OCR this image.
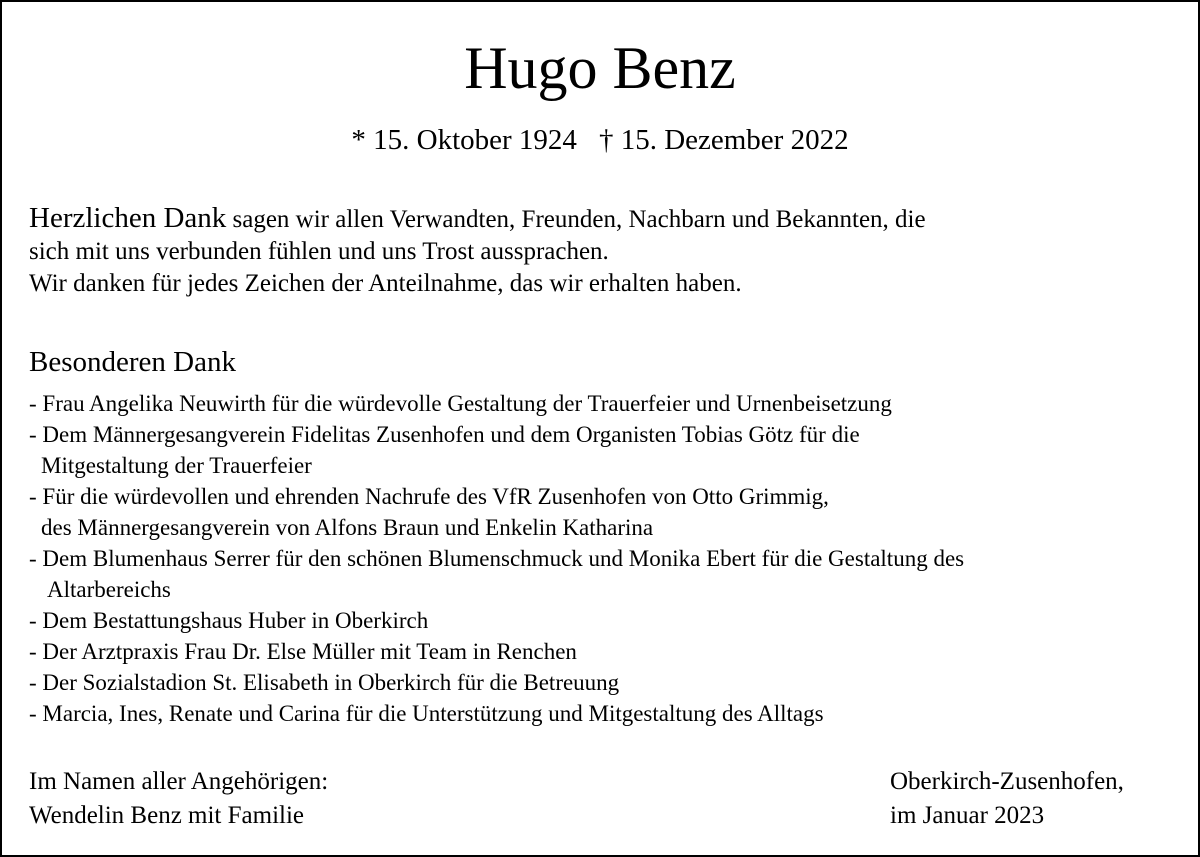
Hugo Benz
* 15. Oktober 1924 † 15. Dezember 2022
Herzlichen Dank sagen wir allen Verwandten, Freunden, Nachbarn und Bekannten, die
sich mit uns verbunden fühlen und uns Trost aussprachen.
Wir danken für jedes Zeichen der Anteilnahme, das wir erhalten haben.
Besonderen Dank
- Frau Angelika Neuwirth für die würdevolle Gestaltung der Trauerfeier und Urnenbeisetzung
- Dem Männergesangverein Fidelitas Zusenhofen und dem Organisten Tobias Götz für die
Mitgestaltung der Trauerfeier
- Für die würdevollen und ehrenden Nachrufe des VfR Zusenhofen von Otto Grimmig,
des Männergesangverein von Alfons Braun und Enkelin Katharina
- Dem Blumenhaus Serrer für den schönen Blumenschmuck und Monika Ebert für die Gestaltung des
Altarbereichs
- Dem Bestattungshaus Huber in Oberkirch
- Der Arztpraxis Frau Dr. Else Müller mit Team in Renchen
- Der Sozialstadion St. Elisabeth in Oberkirch für die Betreuung
- Marcia, Ines, Renate und Carina für die Unterstützung und Mitgestaltung des Alltags
Im Namen aller Angehörigen:
Wendelin Benz mit Familie
Oberkirch-Zusenhofen,
im Januar 2023
